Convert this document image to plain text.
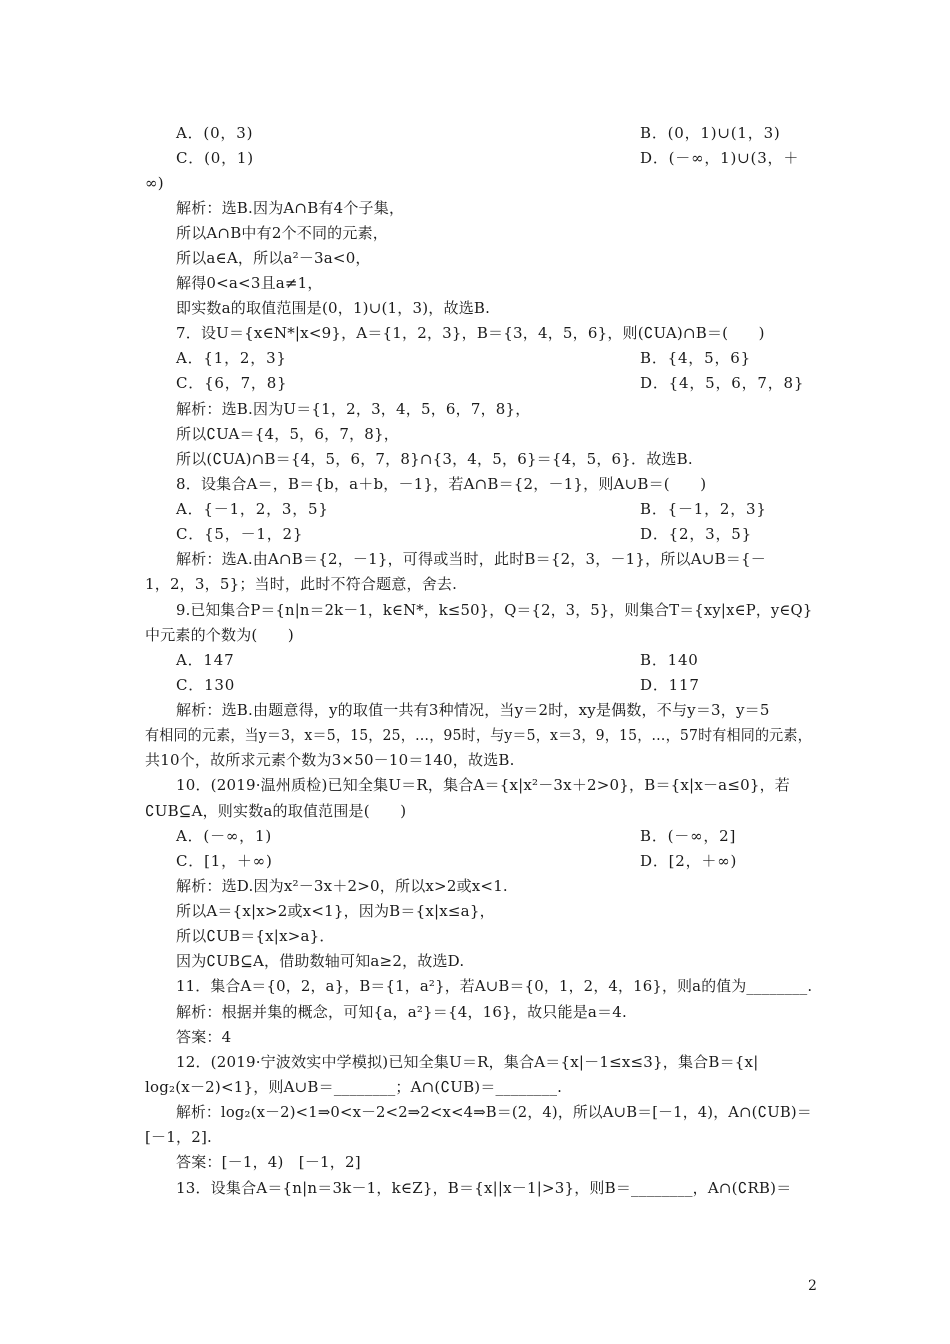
A．(0，3)	B．(0，1)∪(1，3)
C．(0，1)	D．(－∞，1)∪(3，＋
∞)
解析：选B.因为A∩B有4个子集，
所以A∩B中有2个不同的元素，
所以a∈A，所以a²－3a<0，
解得0<a<3且a≠1，
即实数a的取值范围是(0，1)∪(1，3)，故选B.
7．设U＝{x∈N*|x<9}，A＝{1，2，3}，B＝{3，4，5，6}，则(∁UA)∩B＝(　　)
A．{1，2，3}	B．{4，5，6}
C．{6，7，8}	D．{4，5，6，7，8}
解析：选B.因为U＝{1，2，3，4，5，6，7，8}，
所以∁UA＝{4，5，6，7，8}，
所以(∁UA)∩B＝{4，5，6，7，8}∩{3，4，5，6}＝{4，5，6}．故选B.
8．设集合A＝，B＝{b，a＋b，－1}，若A∩B＝{2，－1}，则A∪B＝(　　)
A．{－1，2，3，5}	B．{－1，2，3}
C．{5，－1，2}	D．{2，3，5}
解析：选A.由A∩B＝{2，－1}，可得或当时，此时B＝{2，3，－1}，所以A∪B＝{－
1，2，3，5}；当时，此时不符合题意，舍去.
9.已知集合P＝{n|n＝2k－1，k∈N*，k≤50}，Q＝{2，3，5}，则集合T＝{xy|x∈P，y∈Q}
中元素的个数为(　　)
A．147	B．140
C．130	D．117
解析：选B.由题意得，y的取值一共有3种情况，当y＝2时，xy是偶数，不与y＝3，y＝5
有相同的元素，当y＝3，x＝5，15，25，…，95时，与y＝5，x＝3，9，15，…，57时有相同的元素，
共10个，故所求元素个数为3×50－10＝140，故选B.
10．(2019·温州质检)已知全集U＝R，集合A＝{x|x²－3x＋2>0}，B＝{x|x－a≤0}，若
∁UB⊆A，则实数a的取值范围是(　　)
A．(－∞，1)	B．(－∞，2]
C．[1，＋∞)	D．[2，＋∞)
解析：选D.因为x²－3x＋2>0，所以x>2或x<1.
所以A＝{x|x>2或x<1}，因为B＝{x|x≤a}，
所以∁UB＝{x|x>a}．
因为∁UB⊆A，借助数轴可知a≥2，故选D.
11．集合A＝{0，2，a}，B＝{1，a²}，若A∪B＝{0，1，2，4，16}，则a的值为________.
解析：根据并集的概念，可知{a，a²}＝{4，16}，故只能是a＝4.
答案：4
12．(2019·宁波效实中学模拟)已知全集U＝R，集合A＝{x|－1≤x≤3}，集合B＝{x|
log₂(x－2)<1}，则A∪B＝________；A∩(∁UB)＝________.
解析：log₂(x－2)<1⇒0<x－2<2⇒2<x<4⇒B＝(2，4)，所以A∪B＝[－1，4)，A∩(∁UB)＝
[－1，2].
答案：[－1，4)　[－1，2]
13．设集合A＝{n|n＝3k－1，k∈Z}，B＝{x||x－1|>3}，则B＝________，A∩(∁RB)＝
2
